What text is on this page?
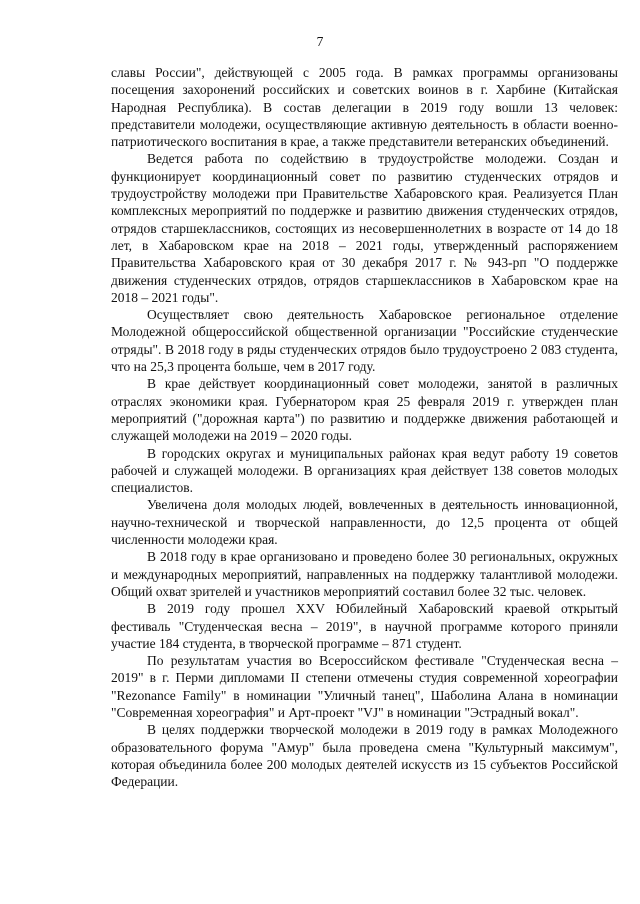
7

славы России", действующей с 2005 года. В рамках программы организованы посещения захоронений российских и советских воинов в г. Харбине (Китайская Народная Республика). В состав делегации в 2019 году вошли 13 человек: представители молодежи, осуществляющие активную деятельность в области военно-патриотического воспитания в крае, а также представители ветеранских объединений.

Ведется работа по содействию в трудоустройстве молодежи. Создан и функционирует координационный совет по развитию студенческих отрядов и трудоустройству молодежи при Правительстве Хабаровского края. Реализуется План комплексных мероприятий по поддержке и развитию движения студенческих отрядов, отрядов старшеклассников, состоящих из несовершеннолетних в возрасте от 14 до 18 лет, в Хабаровском крае на 2018 – 2021 годы, утвержденный распоряжением Правительства Хабаровского края от 30 декабря 2017 г. № 943-рп "О поддержке движения студенческих отрядов, отрядов старшеклассников в Хабаровском крае на 2018 – 2021 годы".

Осуществляет свою деятельность Хабаровское региональное отделение Молодежной общероссийской общественной организации "Российские студенческие отряды". В 2018 году в ряды студенческих отрядов было трудоустроено 2 083 студента, что на 25,3 процента больше, чем в 2017 году.

В крае действует координационный совет молодежи, занятой в различных отраслях экономики края. Губернатором края 25 февраля 2019 г. утвержден план мероприятий ("дорожная карта") по развитию и поддержке движения работающей и служащей молодежи на 2019 – 2020 годы.

В городских округах и муниципальных районах края ведут работу 19 советов рабочей и служащей молодежи. В организациях края действует 138 советов молодых специалистов.

Увеличена доля молодых людей, вовлеченных в деятельность инновационной, научно-технической и творческой направленности, до 12,5 процента от общей численности молодежи края.

В 2018 году в крае организовано и проведено более 30 региональных, окружных и международных мероприятий, направленных на поддержку талантливой молодежи. Общий охват зрителей и участников мероприятий составил более 32 тыс. человек.

В 2019 году прошел XXV Юбилейный Хабаровский краевой открытый фестиваль "Студенческая весна – 2019", в научной программе которого приняли участие 184 студента, в творческой программе – 871 студент.

По результатам участия во Всероссийском фестивале "Студенческая весна – 2019" в г. Перми дипломами II степени отмечены студия современной хореографии "Rezonance Family" в номинации "Уличный танец", Шаболина Алана в номинации "Современная хореография" и Арт-проект "VJ" в номинации "Эстрадный вокал".

В целях поддержки творческой молодежи в 2019 году в рамках Молодежного образовательного форума "Амур" была проведена смена "Культурный максимум", которая объединила более 200 молодых деятелей искусств из 15 субъектов Российской Федерации.
